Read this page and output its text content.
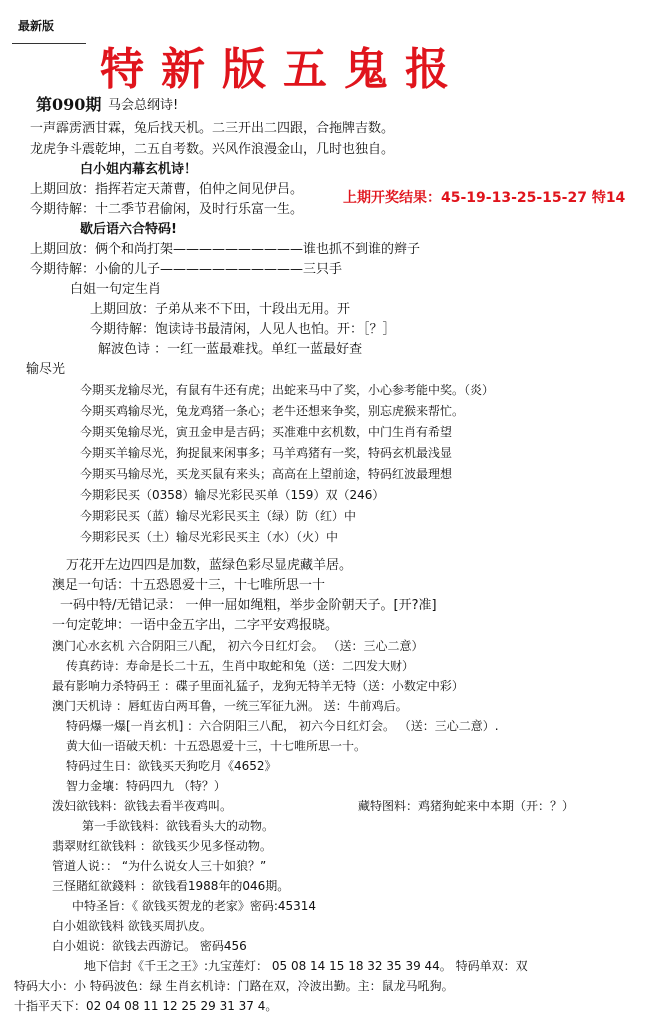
最新版
特新版五鬼报
第090期 马会总纲诗!
上期开奖结果：45-19-13-25-15-27 特14
一声霹雳洒甘霖，兔后找天机。二三开出二四跟，合拖牌吉数。
龙虎争斗震乾坤，二五自考数。兴风作浪漫金山，几时也独自。
白小姐内幕玄机诗！
上期回放：指挥若定天萧曹，伯仲之间见伊吕。
今期待解：十二季节君偷闲，及时行乐富一生。
歇后语六合特码!
上期回放：俩个和尚打架——————————谁也抓不到谁的辫子
今期待解：小偷的儿子———————————三只手
白姐一句定生肖
上期回放：子弟从来不下田，十段出无用。开
今期待解：饱读诗书最清闲，人见人也怕。开：［？］
解波色诗 ：一红一蓝最难找。单红一蓝最好查
输尽光
今期买龙输尽光，有鼠有牛还有虎；出蛇来马中了奖，小心参考能中奖。（炎）
今期买鸡输尽光，兔龙鸡猪一条心；老牛还想来争奖，别忘虎猴来帮忙。
今期买兔输尽光，寅丑金申是吉码；买准难中玄机数，中门生肖有希望
今期买羊输尽光，狗捉鼠来闲事多；马羊鸡猪有一奖，特码玄机最浅显
今期买马输尽光，买龙买鼠有来头；高高在上望前途，特码红波最理想
今期彩民买（0358）输尽光彩民买单（159）双（246）
今期彩民买（蓝）输尽光彩民买主（绿）防（红）中
今期彩民买（土）输尽光彩民买主（水）（火）中
万花开左边四四是加数，蓝绿色彩尽显虎藏羊居。
澳足一句话：十五恐恩爱十三，十七唯所思一十
一码中特/无错记录： 一伸一屈如绳粗，举步金阶朝天子。[开?准]
一句定乾坤：一语中金五字出，二字平安鸡报晓。
澳门心水玄机 六合阴阳三八配， 初六今日红灯会。 （送：三心二意）
传真药诗：寿命是长二十五，生肖中取蛇和兔（送：二四发大财）
最有影响力杀特码王 ：碟子里面礼猛子，龙狗无特羊无特（送：小数定中彩）
澳门天机诗 ：唇虹齿白两耳鲁，一统三军征九洲。 送：牛前鸡后。
特码爆一爆[一肖玄机] ：六合阴阳三八配， 初六今日红灯会。 （送：三心二意）.
黄大仙一语破天机：十五恐恩爱十三，十七唯所思一十。
特码过生日：欲钱买天狗吃月《4652》
智力金壤：特码四九 （特？）
泼妇欲钱料：欲钱去看半夜鸡叫。	藏特图料：鸡猪狗蛇来中本期（开：？）
第一手欲钱料：欲钱看头大的动物。
翡翠财红欲钱料 ：欲钱买少见多怪动物。
管道人说：： “为什么说女人三十如狼？”
三怪賭紅欲錢料 ：欲钱看1988年的046期。
中特圣旨：《 欲钱买贺龙的老家》密码:45314
白小姐欲钱料 欲钱买周扒皮。
白小姐说：欲钱去西游记。 密码456
地下信封《千王之王》:九宝莲灯： 05 08 14 15 18 32 35 39 44。 特码单双：双
特码大小：小 特码波色：绿 生肖玄机诗：门路在双，冷波出勤。主：鼠龙马吼狗。
十指平天下：02 04 08 11 12 25 29 31 37 4。
